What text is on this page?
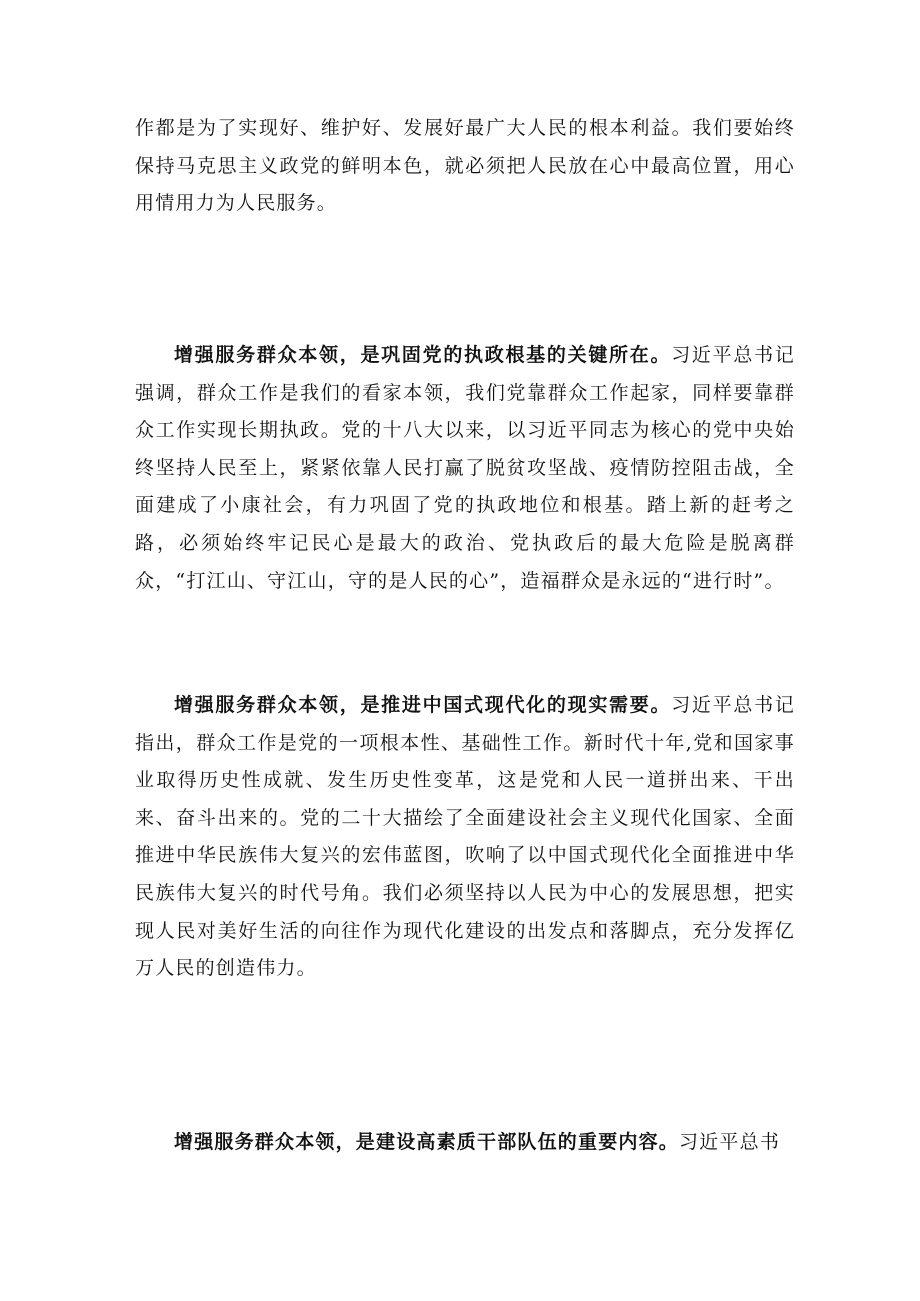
作都是为了实现好、维护好、发展好最广大人民的根本利益。我们要始终保持马克思主义政党的鲜明本色，就必须把人民放在心中最高位置，用心用情用力为人民服务。

增强服务群众本领，是巩固党的执政根基的关键所在。习近平总书记强调，群众工作是我们的看家本领，我们党靠群众工作起家，同样要靠群众工作实现长期执政。党的十八大以来，以习近平同志为核心的党中央始终坚持人民至上，紧紧依靠人民打赢了脱贫攻坚战、疫情防控阻击战，全面建成了小康社会，有力巩固了党的执政地位和根基。踏上新的赶考之路，必须始终牢记民心是最大的政治、党执政后的最大危险是脱离群众，“打江山、守江山，守的是人民的心”，造福群众是永远的“进行时”。

增强服务群众本领，是推进中国式现代化的现实需要。习近平总书记指出，群众工作是党的一项根本性、基础性工作。新时代十年,党和国家事业取得历史性成就、发生历史性变革，这是党和人民一道拼出来、干出来、奋斗出来的。党的二十大描绘了全面建设社会主义现代化国家、全面推进中华民族伟大复兴的宏伟蓝图，吹响了以中国式现代化全面推进中华民族伟大复兴的时代号角。我们必须坚持以人民为中心的发展思想，把实现人民对美好生活的向往作为现代化建设的出发点和落脚点，充分发挥亿万人民的创造伟力。

增强服务群众本领，是建设高素质干部队伍的重要内容。习近平总书
